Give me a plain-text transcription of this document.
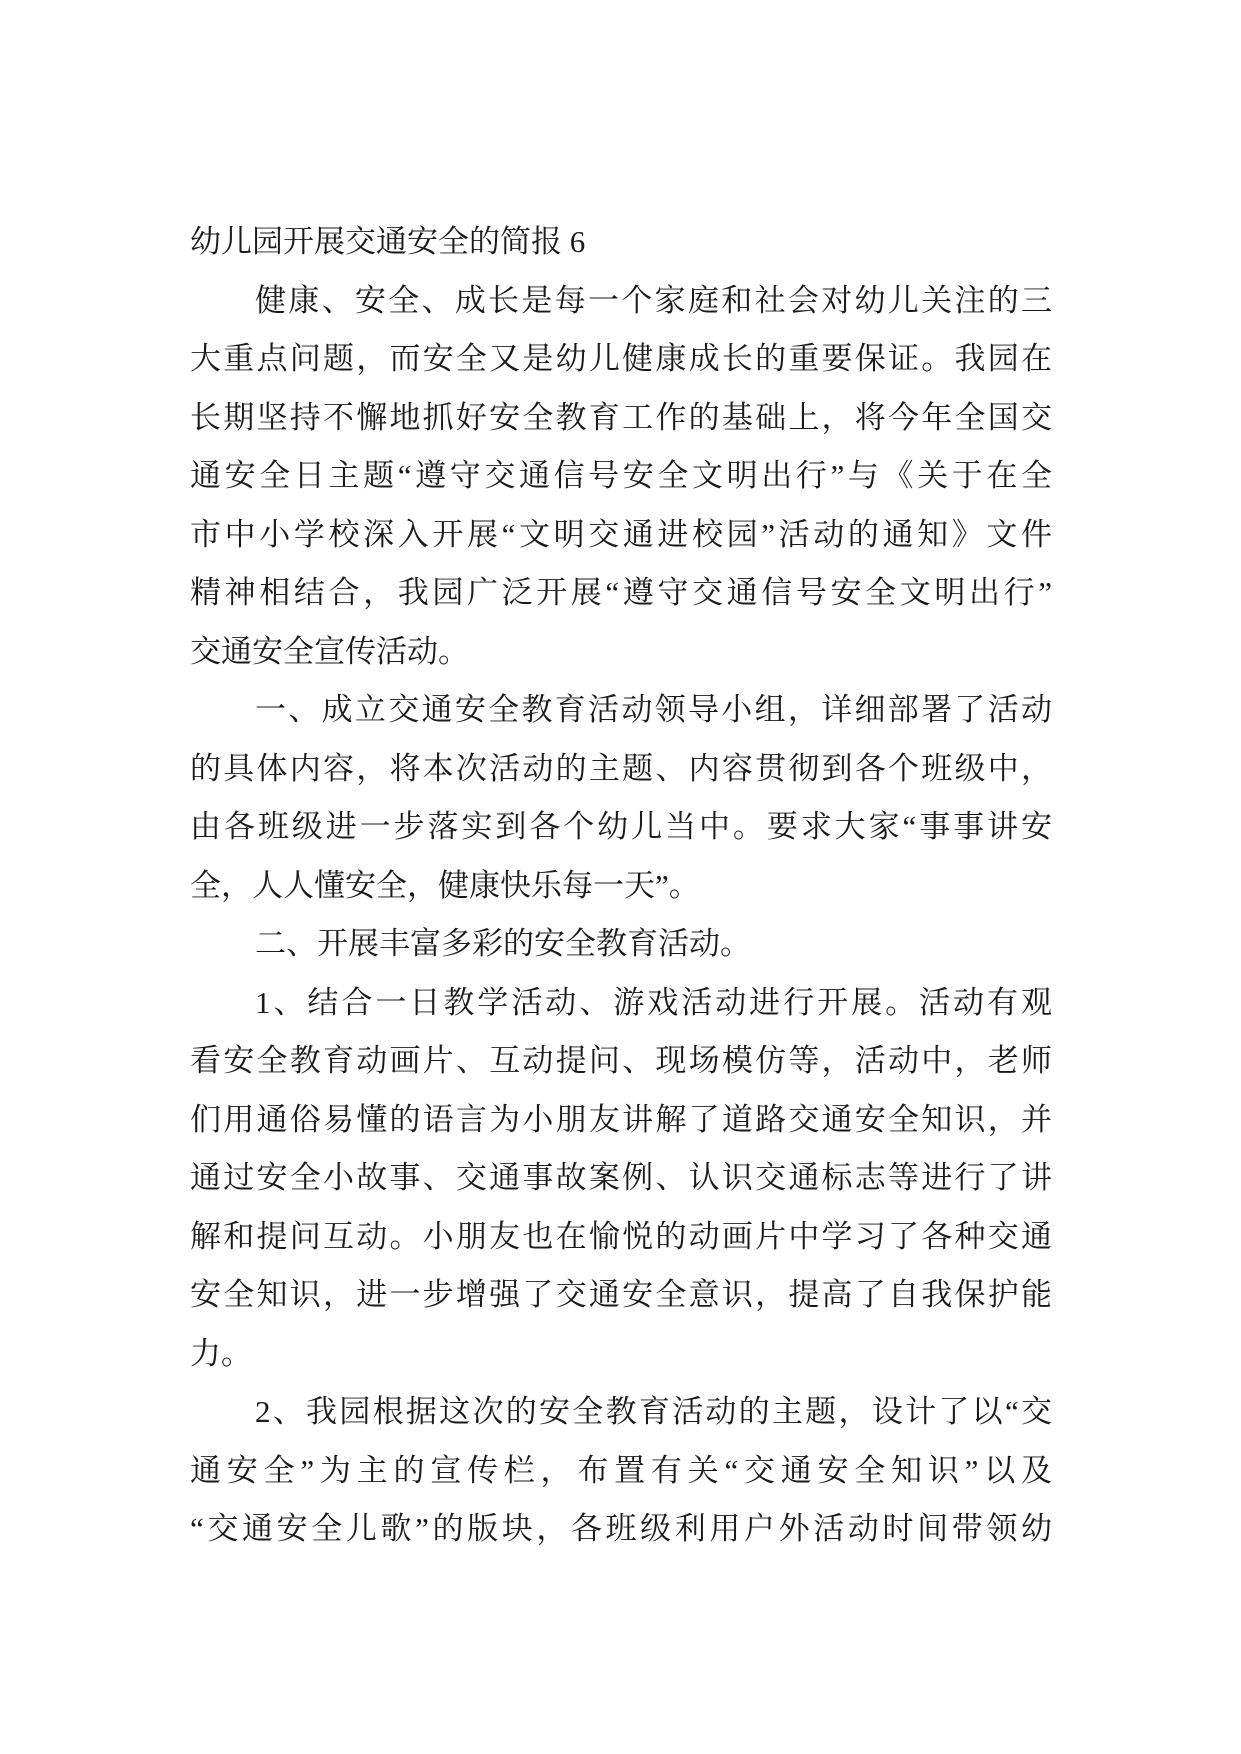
幼儿园开展交通安全的简报 6
健康、安全、成长是每一个家庭和社会对幼儿关注的三
大重点问题，而安全又是幼儿健康成长的重要保证。我园在
长期坚持不懈地抓好安全教育工作的基础上，将今年全国交
通安全日主题“遵守交通信号安全文明出行”与《关于在全
市中小学校深入开展“文明交通进校园”活动的通知》文件
精神相结合，我园广泛开展“遵守交通信号安全文明出行”
交通安全宣传活动。
一、成立交通安全教育活动领导小组，详细部署了活动
的具体内容，将本次活动的主题、内容贯彻到各个班级中，
由各班级进一步落实到各个幼儿当中。要求大家“事事讲安
全，人人懂安全，健康快乐每一天”。
二、开展丰富多彩的安全教育活动。
1、结合一日教学活动、游戏活动进行开展。活动有观
看安全教育动画片、互动提问、现场模仿等，活动中，老师
们用通俗易懂的语言为小朋友讲解了道路交通安全知识，并
通过安全小故事、交通事故案例、认识交通标志等进行了讲
解和提问互动。小朋友也在愉悦的动画片中学习了各种交通
安全知识，进一步增强了交通安全意识，提高了自我保护能
力。
2、我园根据这次的安全教育活动的主题，设计了以“交
通安全”为主的宣传栏，布置有关“交通安全知识”以及
“交通安全儿歌”的版块，各班级利用户外活动时间带领幼
